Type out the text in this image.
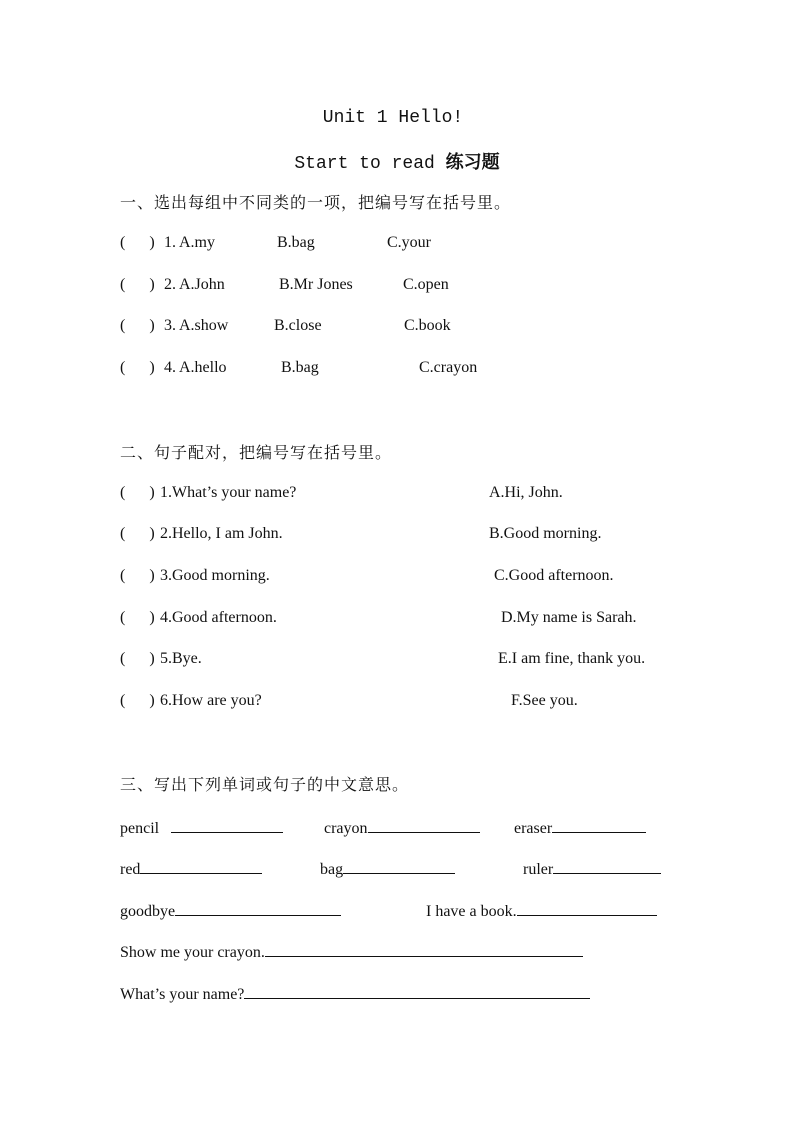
Unit 1 Hello!
Start to read 练习题
一、选出每组中不同类的一项，把编号写在括号里。
(      ) 1. A.my	B.bag	C.your
(      ) 2. A.John	B.Mr Jones	C.open
(      ) 3. A.show	B.close	C.book
(      ) 4. A.hello	B.bag	C.crayon
二、句子配对，把编号写在括号里。
(      ) 1.What’s your name?	A.Hi, John.
(      ) 2.Hello, I am John.	B.Good morning.
(      ) 3.Good morning.	C.Good afternoon.
(      ) 4.Good afternoon.	D.My name is Sarah.
(      ) 5.Bye.	E.I am fine, thank you.
(      ) 6.How are you?	F.See you.
三、写出下列单词或句子的中文意思。
pencil	crayon	eraser
red	bag	ruler
goodbye	I have a book.
Show me your crayon.
What’s your name?
